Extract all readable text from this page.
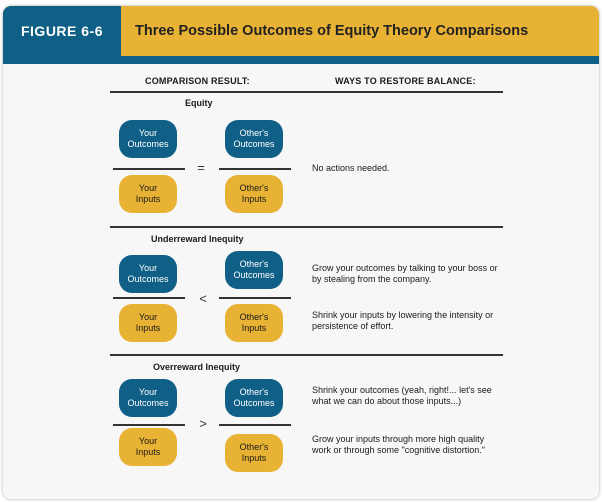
FIGURE 6-6	Three Possible Outcomes of Equity Theory Comparisons
COMPARISON RESULT:	WAYS TO RESTORE BALANCE:
Equity
Your
Outcomes
Your
Inputs
=
Other's
Outcomes
Other's
Inputs
No actions needed.
Underreward Inequity
Your
Outcomes
Your
Inputs
<
Other's
Outcomes
Other's
Inputs
Grow your outcomes by talking to your boss or by stealing from the company.
Shrink your inputs by lowering the intensity or persistence of effort.
Overreward Inequity
Your
Outcomes
Your
Inputs
>
Other's
Outcomes
Other's
Inputs
Shrink your outcomes (yeah, right!... let's see what we can do about those inputs...)
Grow your inputs through more high quality work or through some "cognitive distortion."
